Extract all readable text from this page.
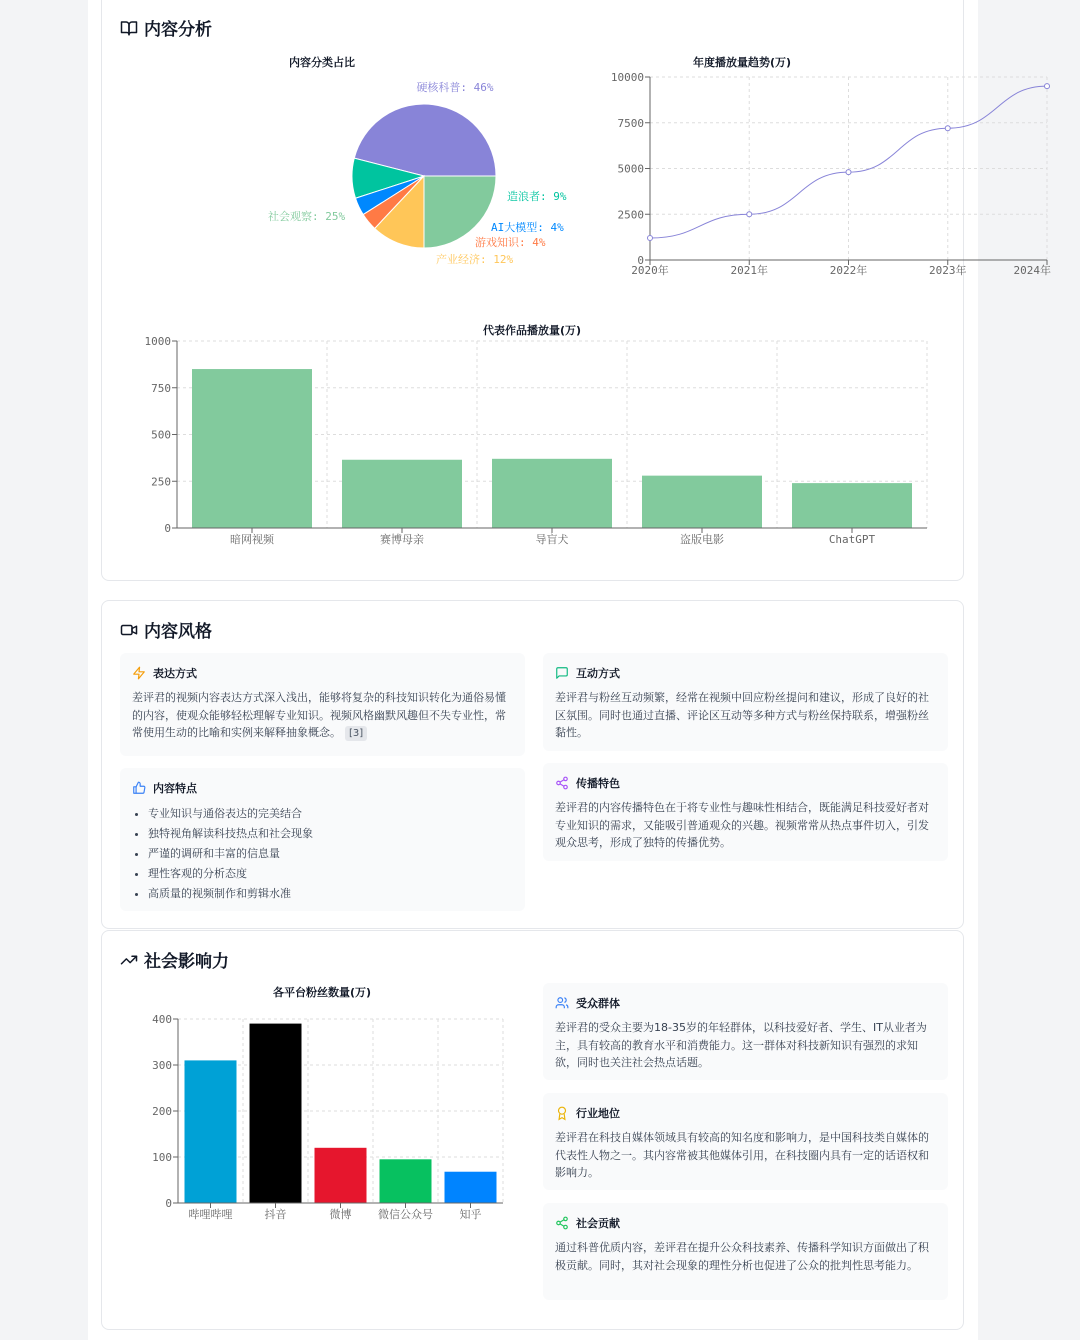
内容分析
内容分类占比
硬核科普: 46%
造浪者: 9%
AI大模型: 4%
游戏知识: 4%
产业经济: 12%
社会观察: 25%
年度播放量趋势(万)
0
2500
5000
7500
10000
2020年	2021年	2022年	2023年	2024年
代表作品播放量(万)
0
250
500
750
1000
暗网视频	赛博母亲	导盲犬	盗版电影	ChatGPT
内容风格
表达方式
差评君的视频内容表达方式深入浅出，能够将复杂的科技知识转化为通俗易懂的内容，使观众能够轻松理解专业知识。视频风格幽默风趣但不失专业性，常常使用生动的比喻和实例来解释抽象概念。 [3]
互动方式
差评君与粉丝互动频繁，经常在视频中回应粉丝提问和建议，形成了良好的社区氛围。同时也通过直播、评论区互动等多种方式与粉丝保持联系，增强粉丝黏性。
内容特点
• 专业知识与通俗表达的完美结合
• 独特视角解读科技热点和社会现象
• 严谨的调研和丰富的信息量
• 理性客观的分析态度
• 高质量的视频制作和剪辑水准
传播特色
差评君的内容传播特色在于将专业性与趣味性相结合，既能满足科技爱好者对专业知识的需求，又能吸引普通观众的兴趣。视频常常从热点事件切入，引发观众思考，形成了独特的传播优势。
社会影响力
各平台粉丝数量(万)
0
100
200
300
400
哔哩哔哩	抖音	微博 微信公众号 知乎
受众群体
差评君的受众主要为18-35岁的年轻群体，以科技爱好者、学生、IT从业者为主，具有较高的教育水平和消费能力。这一群体对科技新知识有强烈的求知欲，同时也关注社会热点话题。
行业地位
差评君在科技自媒体领域具有较高的知名度和影响力，是中国科技类自媒体的代表性人物之一。其内容常被其他媒体引用，在科技圈内具有一定的话语权和影响力。
社会贡献
通过科普优质内容，差评君在提升公众科技素养、传播科学知识方面做出了积极贡献。同时，其对社会现象的理性分析也促进了公众的批判性思考能力。
